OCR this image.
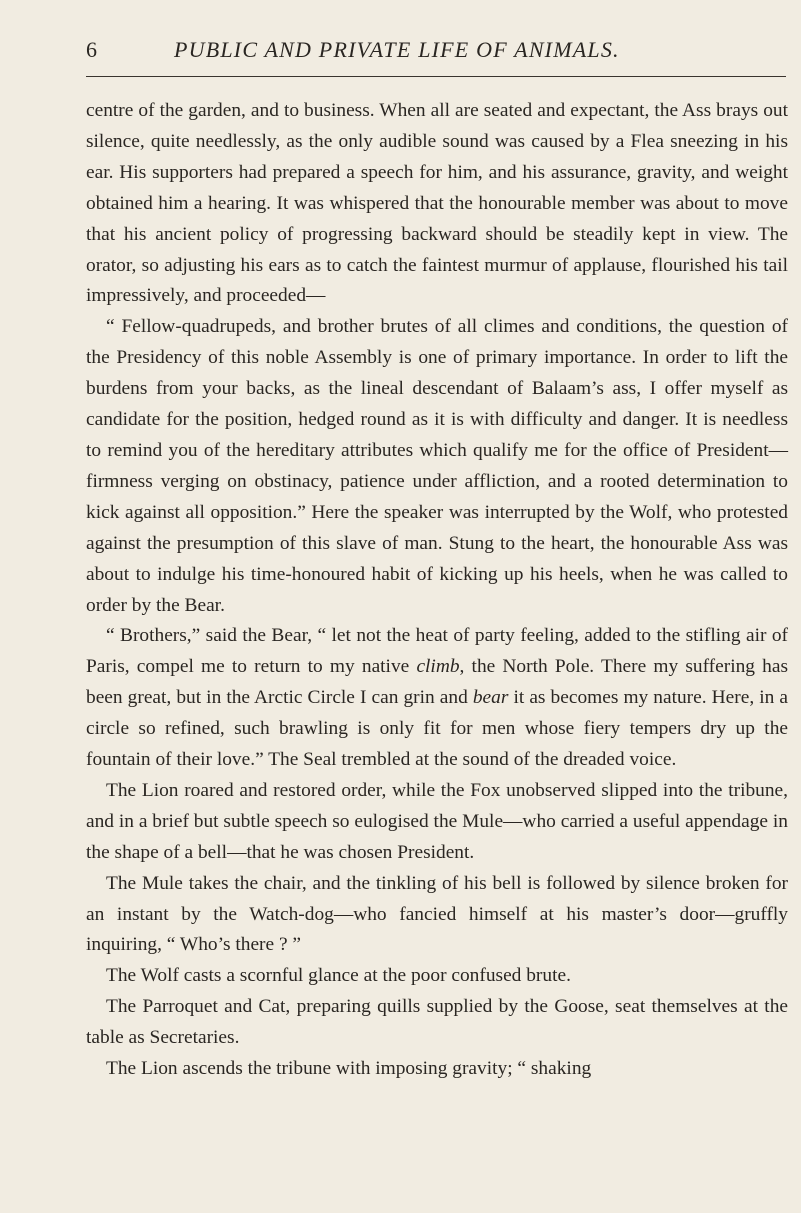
6	PUBLIC AND PRIVATE LIFE OF ANIMALS.

centre of the garden, and to business. When all are seated and expectant, the Ass brays out silence, quite needlessly, as the only audible sound was caused by a Flea sneezing in his ear. His supporters had prepared a speech for him, and his assurance, gravity, and weight obtained him a hearing. It was whispered that the honourable member was about to move that his ancient policy of progressing backward should be steadily kept in view. The orator, so adjusting his ears as to catch the faintest murmur of applause, flourished his tail impressively, and proceeded—

“ Fellow-quadrupeds, and brother brutes of all climes and conditions, the question of the Presidency of this noble Assembly is one of primary importance. In order to lift the burdens from your backs, as the lineal descendant of Balaam’s ass, I offer myself as candidate for the position, hedged round as it is with difficulty and danger. It is needless to remind you of the hereditary attributes which qualify me for the office of President—firmness verging on obstinacy, patience under affliction, and a rooted determination to kick against all opposition.” Here the speaker was interrupted by the Wolf, who protested against the presumption of this slave of man. Stung to the heart, the honourable Ass was about to indulge his time-honoured habit of kicking up his heels, when he was called to order by the Bear.

“ Brothers,” said the Bear, “ let not the heat of party feeling, added to the stifling air of Paris, compel me to return to my native climb, the North Pole. There my suffering has been great, but in the Arctic Circle I can grin and bear it as becomes my nature. Here, in a circle so refined, such brawling is only fit for men whose fiery tempers dry up the fountain of their love.” The Seal trembled at the sound of the dreaded voice.

The Lion roared and restored order, while the Fox unobserved slipped into the tribune, and in a brief but subtle speech so eulogised the Mule—who carried a useful appendage in the shape of a bell—that he was chosen President.

The Mule takes the chair, and the tinkling of his bell is followed by silence broken for an instant by the Watch-dog—who fancied himself at his master’s door—gruffly inquiring, “ Who’s there ? ”

The Wolf casts a scornful glance at the poor confused brute.

The Parroquet and Cat, preparing quills supplied by the Goose, seat themselves at the table as Secretaries.

The Lion ascends the tribune with imposing gravity; “ shaking
